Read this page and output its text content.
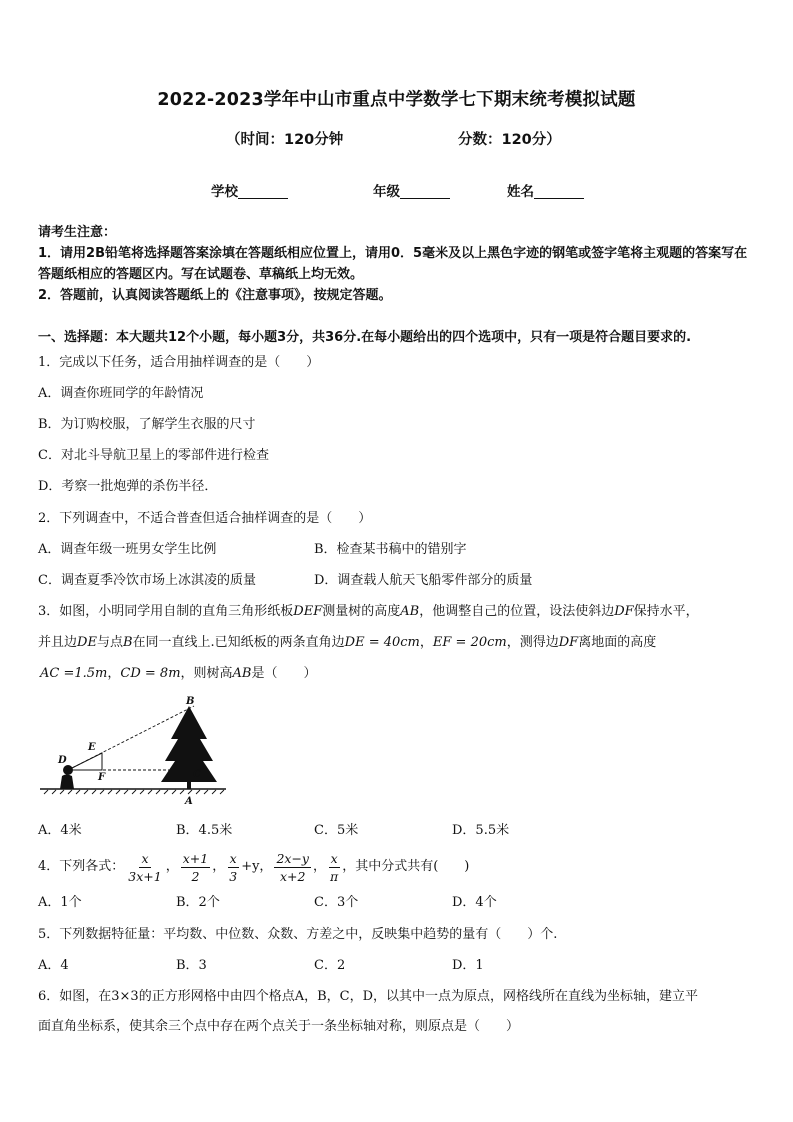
2022-2023学年中山市重点中学数学七下期末统考模拟试题
（时间：120分钟	分数：120分）
学校	年级	姓名
请考生注意：
1．请用2B铅笔将选择题答案涂填在答题纸相应位置上，请用0．5毫米及以上黑色字迹的钢笔或签字笔将主观题的答案写在答题纸相应的答题区内。写在试题卷、草稿纸上均无效。
2．答题前，认真阅读答题纸上的《注意事项》，按规定答题。
一、选择题：本大题共12个小题，每小题3分，共36分.在每小题给出的四个选项中，只有一项是符合题目要求的.
1．完成以下任务，适合用抽样调查的是（　　）
A．调查你班同学的年龄情况
B．为订购校服，了解学生衣服的尺寸
C．对北斗导航卫星上的零部件进行检查
D．考察一批炮弹的杀伤半径．
2．下列调查中，不适合普查但适合抽样调查的是（　　）
A．调查年级一班男女学生比例	B．检查某书稿中的错别字
C．调查夏季冷饮市场上冰淇凌的质量	D．调查载人航天飞船零件部分的质量
3．如图，小明同学用自制的直角三角形纸板DEF测量树的高度AB，他调整自己的位置，设法使斜边DF保持水平，
并且边DE与点B在同一直线上.已知纸板的两条直角边DE = 40cm，EF = 20cm，测得边DF离地面的高度
AC =1.5m，CD = 8m，则树高AB是（　　）
B
E
D
F	C
A
A．4米	B．4.5米	C．5米	D．5.5米
4．下列各式： $\frac{x}{3x+1}$ ， $\frac{x+1}{2}$ ， $\frac{x}{3} +y$， $\frac{2x-y}{x+2}$ ， $\frac{x}{\pi}$ ，其中分式共有(　　)
A．1个	B．2个	C．3个	D．4个
5．下列数据特征量：平均数、中位数、众数、方差之中，反映集中趋势的量有（　　）个.
A．4	B．3	C．2	D．1
6．如图，在3×3的正方形网格中由四个格点A，B，C，D，以其中一点为原点，网格线所在直线为坐标轴，建立平
面直角坐标系，使其余三个点中存在两个点关于一条坐标轴对称，则原点是（　　）
